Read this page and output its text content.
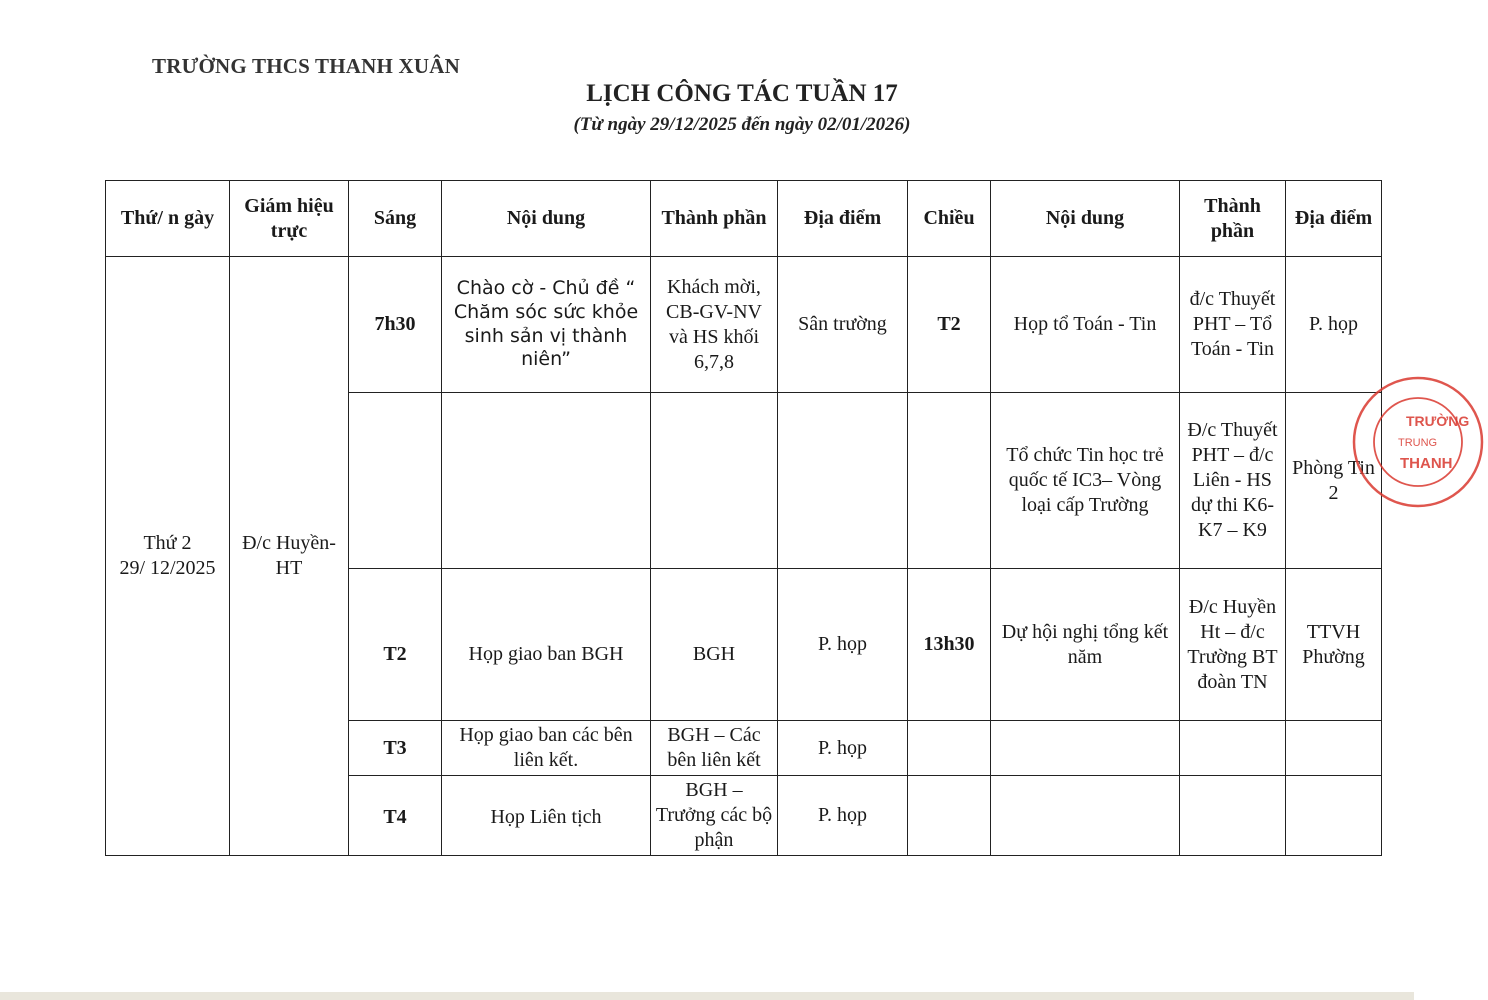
TRƯỜNG THCS THANH XUÂN
LỊCH CÔNG TÁC TUẦN 17
(Từ ngày 29/12/2025 đến ngày 02/01/2026)
Thứ/ n gày	Giám hiệu trực	Sáng	Nội dung	Thành phần	Địa điểm	Chiều	Nội dung	Thành phần	Địa điểm

Thứ 2
29/ 12/2025	Đ/c Huyền- HT	7h30	Chào cờ - Chủ đề “ Chăm sóc sức khỏe sinh sản vị thành niên”	Khách mời, CB-GV-NV và HS khối 6,7,8	Sân trường	T2	Họp tổ Toán - Tin	đ/c Thuyết PHT – Tổ Toán - Tin	P. họp
							Tổ chức Tin học trẻ quốc tế IC3– Vòng loại cấp Trường	Đ/c Thuyết PHT – đ/c Liên - HS dự thi K6-K7 – K9	Phòng Tin 2
		T2	Họp giao ban BGH	BGH	P. họp	13h30	Dự hội nghị tổng kết năm	Đ/c Huyền Ht – đ/c Trường BT đoàn TN	TTVH Phường
		T3	Họp giao ban các bên liên kết.	BGH – Các bên liên kết	P. họp				
		T4	Họp Liên tịch	BGH – Trưởng các bộ phận	P. họp				
TRƯỜNG
TRUNG
THANH
